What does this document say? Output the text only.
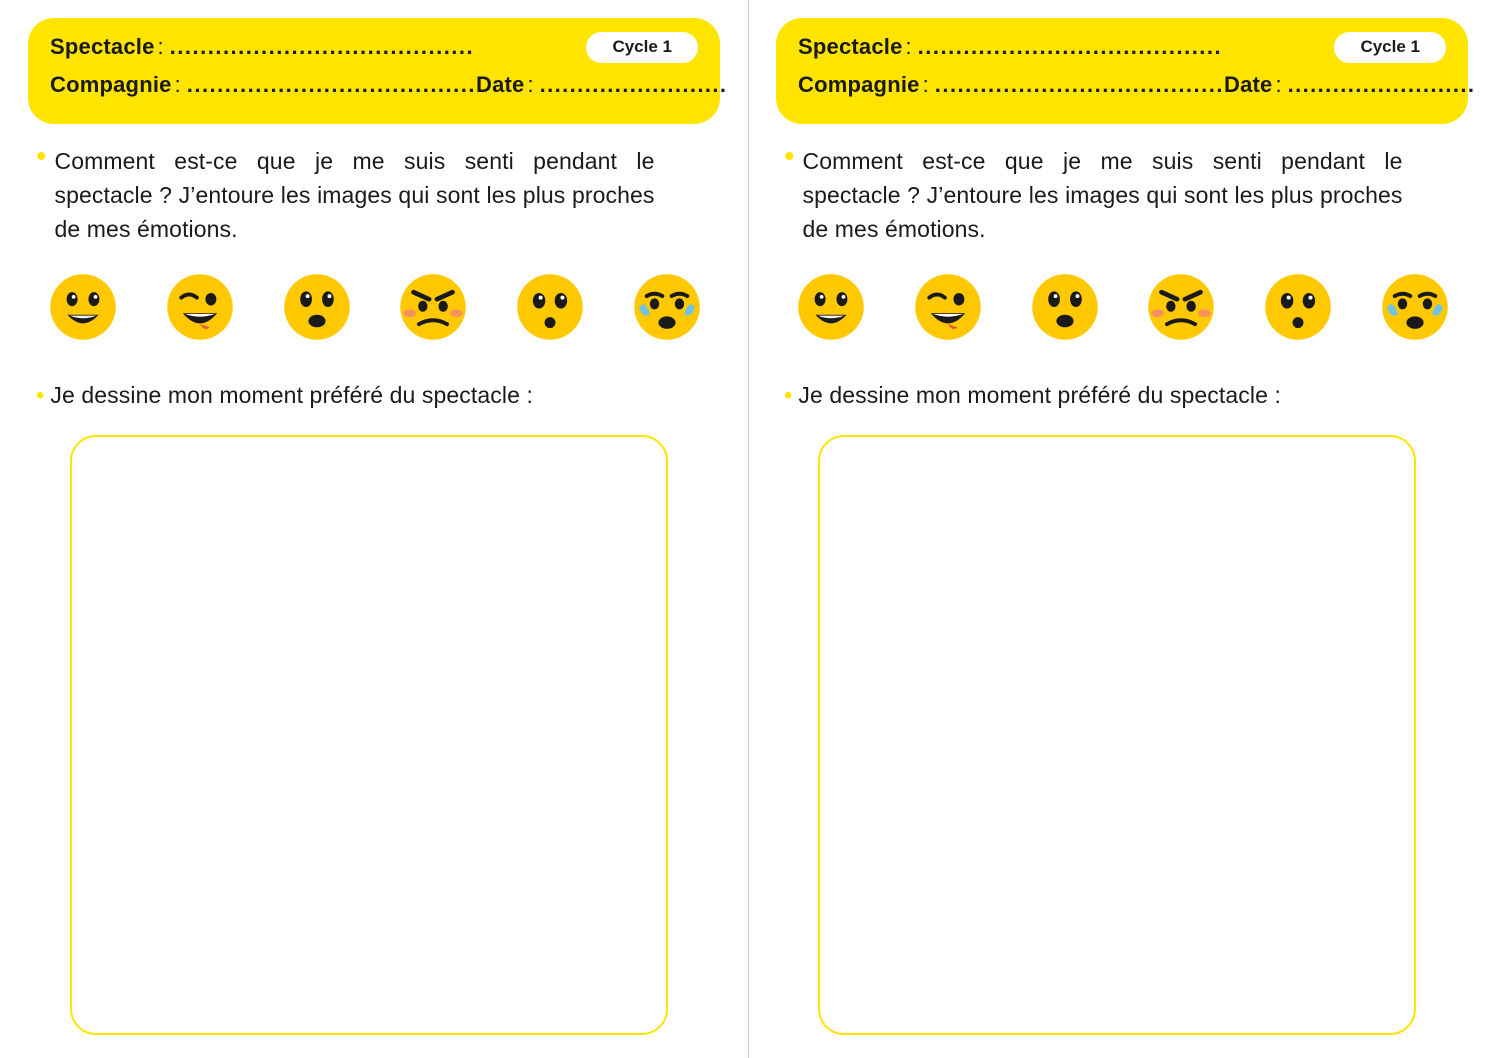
Spectacle : ........................................
Compagnie : ...................................... Date : .........................
Cycle 1
• Comment est-ce que je me suis senti pendant le spectacle ? J’entoure les images qui sont les plus proches de mes émotions.
• Je dessine mon moment préféré du spectacle :
Spectacle : ........................................
Compagnie : ...................................... Date : .........................
Cycle 1
• Comment est-ce que je me suis senti pendant le spectacle ? J’entoure les images qui sont les plus proches de mes émotions.
• Je dessine mon moment préféré du spectacle :
